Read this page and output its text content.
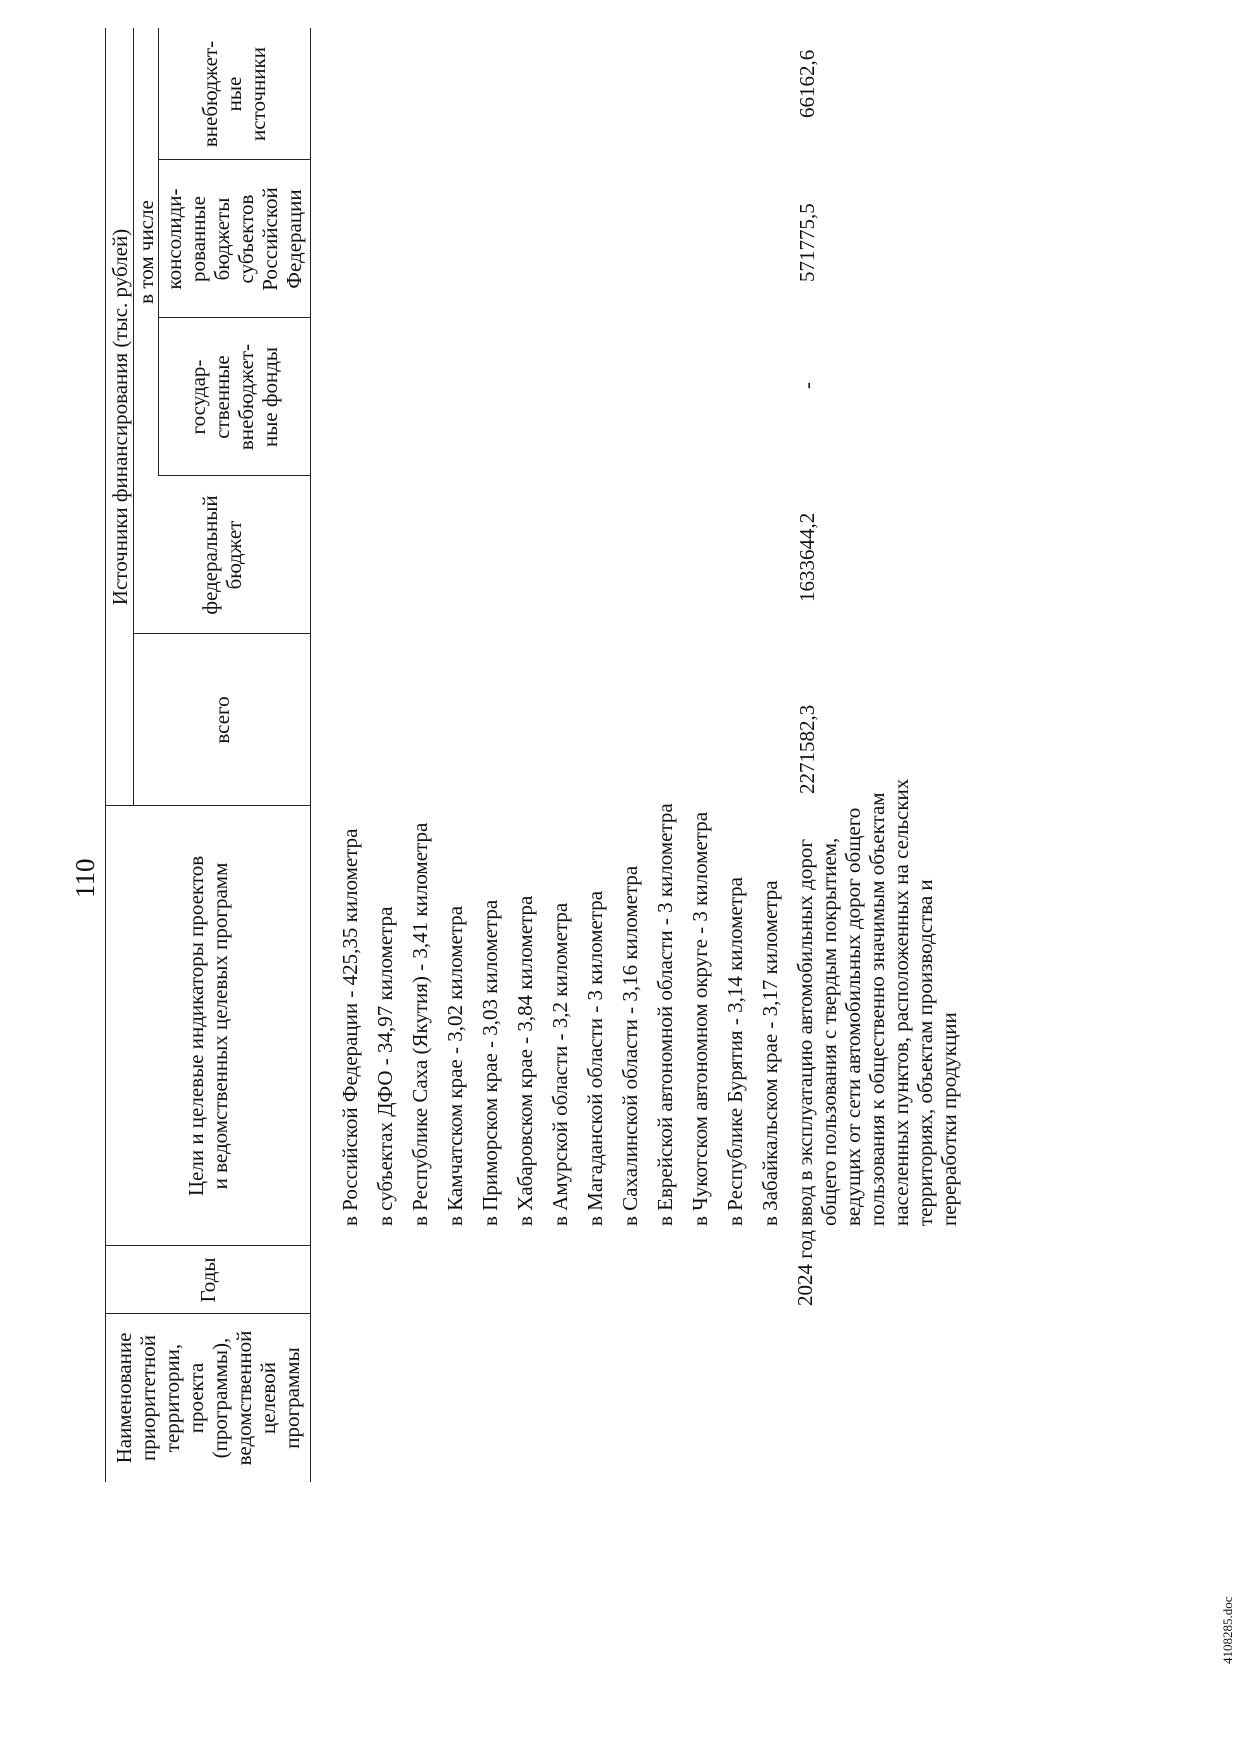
110
Наименование
приоритетной
территории, проекта
(программы),
ведомственной
целевой программы
Годы
Цели и целевые индикаторы проектов
и ведомственных целевых программ
Источники финансирования (тыс. рублей)
всего
в том числе
федеральный
бюджет
государ-
ственные
внебюджет-
ные фонды
консолиди-
рованные
бюджеты
субъектов
Российской
Федерации
внебюджет-
ные
источники
в Российской Федерации - 425,35 километра в субъектах ДФО - 34,97 километра в Республике Саха (Якутия) - 3,41 километра в Камчатском крае - 3,02 километра в Приморском крае - 3,03 километра в Хабаровском крае - 3,84 километра в Амурской области - 3,2 километра в Магаданской области - 3 километра в Сахалинской области - 3,16 километра в Еврейской автономной области - 3 километра в Чукотском автономном округе - 3 километра в Республике Бурятия - 3,14 километра в Забайкальском крае - 3,17 километра
2024 год
ввод в эксплуатацию автомобильных дорог общего пользования с твердым покрытием, ведущих от сети автомобильных дорог общего пользования к общественно значимым объектам населенных пунктов, расположенных на сельских территориях, объектам производства и переработки продукции
2271582,3
1633644,2
-
571775,5
66162,6
4108285.doc
